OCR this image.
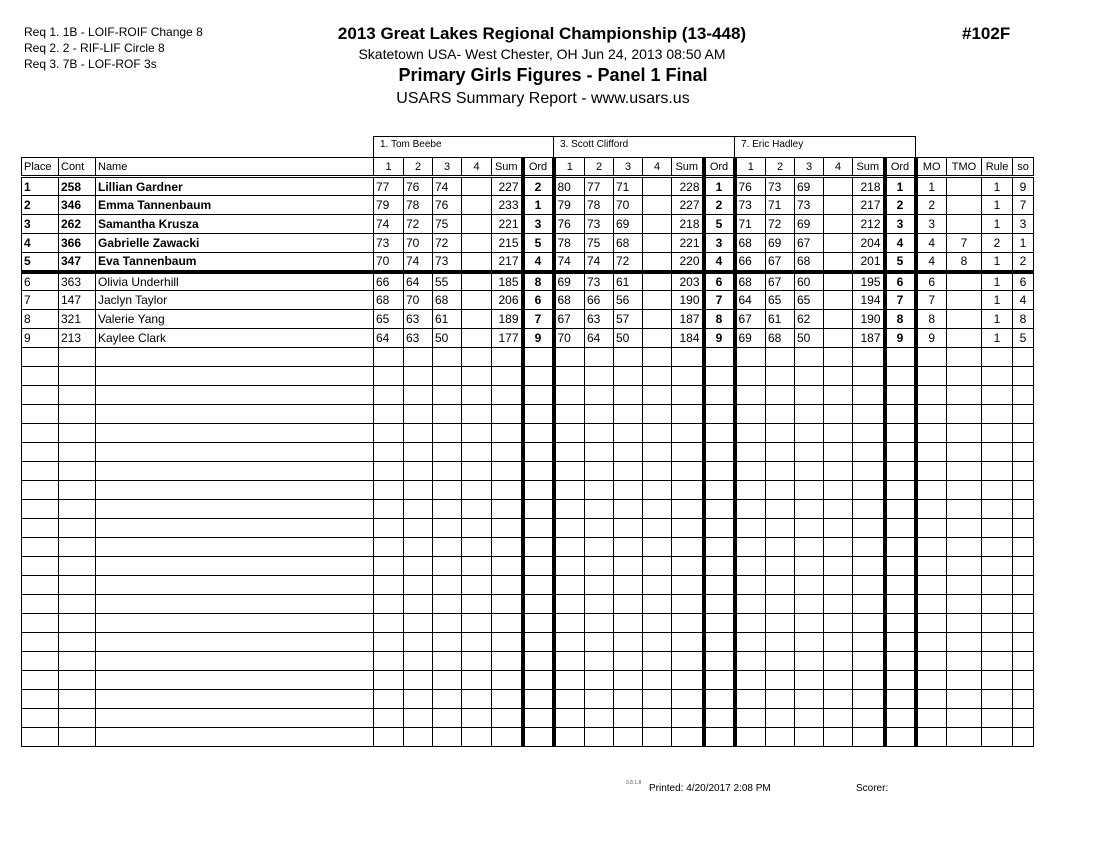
Req 1. 1B - LOIF-ROIF Change 8
Req 2. 2 - RIF-LIF Circle 8
Req 3. 7B - LOF-ROF 3s
2013 Great Lakes Regional Championship (13-448)
Skatetown USA- West Chester, OH Jun 24, 2013 08:50 AM
Primary Girls Figures - Panel 1 Final
USARS Summary Report - www.usars.us
#102F
1. Tom Beebe	3. Scott Clifford	7. Eric Hadley
Place	Cont	Name	1	2	3	4	Sum	Ord	1	2	3	4	Sum	Ord	1	2	3	4	Sum	Ord	MO	TMO	Rule	so
1	258	Lillian Gardner	77	76	74		227	2	80	77	71		228	1	76	73	69		218	1	1		1	9
2	346	Emma Tannenbaum	79	78	76		233	1	79	78	70		227	2	73	71	73		217	2	2		1	7
3	262	Samantha Krusza	74	72	75		221	3	76	73	69		218	5	71	72	69		212	3	3		1	3
4	366	Gabrielle Zawacki	73	70	72		215	5	78	75	68		221	3	68	69	67		204	4	4	7	2	1
5	347	Eva Tannenbaum	70	74	73		217	4	74	74	72		220	4	66	67	68		201	5	4	8	1	2
6	363	Olivia Underhill	66	64	55		185	8	69	73	61		203	6	68	67	60		195	6	6		1	6
7	147	Jaclyn Taylor	68	70	68		206	6	68	66	56		190	7	64	65	65		194	7	7		1	4
8	321	Valerie Yang	65	63	61		189	7	67	63	57		187	8	67	61	62		190	8	8		1	8
9	213	Kaylee Clark	64	63	50		177	9	70	64	50		184	9	69	68	50		187	9	9		1	5

3.8.1.8 Printed: 4/20/2017 2:08 PM	Scorer:
